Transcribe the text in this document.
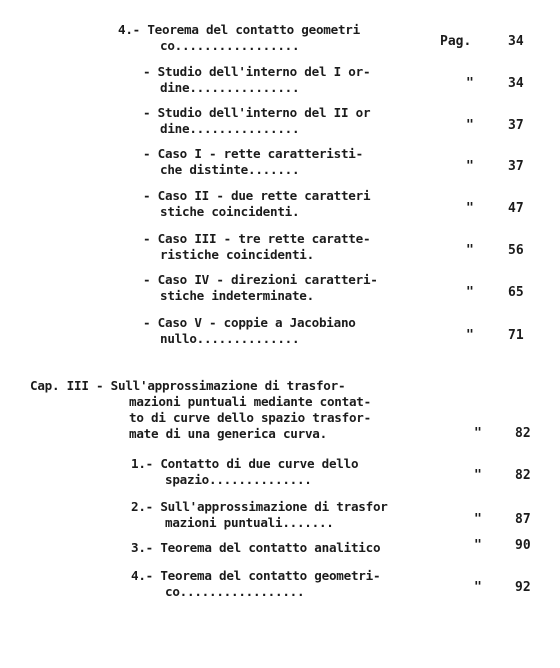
4.- Teorema del contatto geometri
co.................	Pag.	34
- Studio dell'interno del I or-
dine...............	"	34
- Studio dell'interno del II or
dine...............	"	37
- Caso I - rette caratteristi-
che distinte.......	"	37
- Caso II - due rette caratteri
stiche coincidenti.	"	47
- Caso III - tre rette caratte-
ristiche coincidenti.	"	56
- Caso IV - direzioni caratteri-
stiche indeterminate.	"	65
- Caso V - coppie a Jacobiano
nullo..............	"	71
Cap. III - Sull'approssimazione di trasfor-
mazioni puntuali mediante contat-
to di curve dello spazio trasfor-
mate di una generica curva.	"	82
1.- Contatto di due curve dello
spazio..............	"	82
2.- Sull'approssimazione di trasfor
mazioni puntuali.......	"	87
3.- Teorema del contatto analitico	"	90
4.- Teorema del contatto geometri-
co.................	"	92
